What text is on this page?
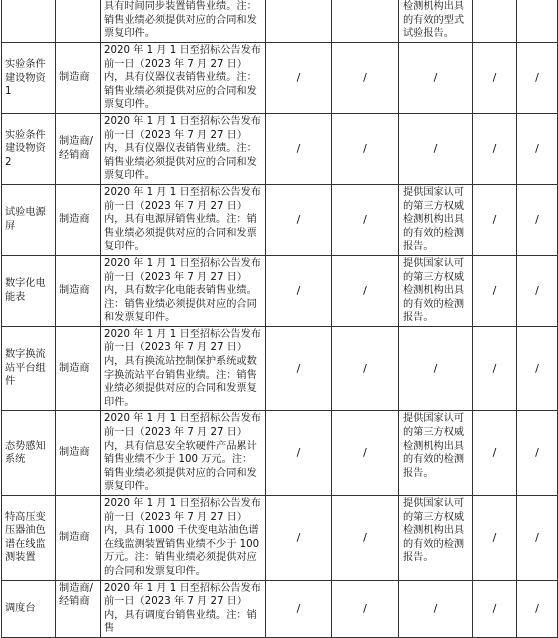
		具有时间同步装置销售业绩。注：销售业绩必须提供对应的合同和发票复印件。			检测机构出具的有效的型式试验报告。		
实验条件建设物资1	制造商	2020 年 1 月 1 日至招标公告发布前一日（2023 年 7 月 27 日）内，具有仪器仪表销售业绩。注：销售业绩必须提供对应的合同和发票复印件。	/	/	/	/	/
实验条件建设物资2	制造商/经销商	2020 年 1 月 1 日至招标公告发布前一日（2023 年 7 月 27 日）内，具有仪器仪表销售业绩。注：销售业绩必须提供对应的合同和发票复印件。	/	/	/	/	/
试验电源屏	制造商	2020 年 1 月 1 日至招标公告发布前一日（2023 年 7 月 27 日）内，具有电源屏销售业绩。注：销售业绩必须提供对应的合同和发票复印件。	/	/	提供国家认可的第三方权威检测机构出具的有效的检测报告。	/	/
数字化电能表	制造商	2020 年 1 月 1 日至招标公告发布前一日（2023 年 7 月 27 日）内，具有数字化电能表销售业绩。注：销售业绩必须提供对应的合同和发票复印件。	/	/	提供国家认可的第三方权威检测机构出具的有效的检测报告。	/	/
数字换流站平台组件	制造商	2020 年 1 月 1 日至招标公告发布前一日（2023 年 7 月 27 日）内，具有换流站控制保护系统或数字换流站平台销售业绩。注：销售业绩必须提供对应的合同和发票复印件。	/	/	/	/	/
态势感知系统	制造商	2020 年 1 月 1 日至招标公告发布前一日（2023 年 7 月 27 日）内，具有信息安全软硬件产品累计销售业绩不少于 100 万元。注：销售业绩必须提供对应的合同和发票复印件。	/	/	提供国家认可的第三方权威检测机构出具的有效的检测报告。	/	/
特高压变压器油色谱在线监测装置	制造商	2020 年 1 月 1 日至招标公告发布前一日（2023 年 7 月 27 日）内，具有 1000 千伏变电站油色谱在线监测装置销售业绩不少于 100 万元。注：销售业绩必须提供对应的合同和发票复印件。	/	/	提供国家认可的第三方权威检测机构出具的有效的检测报告。	/	/
调度台	制造商/经销商	2020 年 1 月 1 日至招标公告发布前一日（2023 年 7 月 27 日）内，具有调度台销售业绩。注：销售	/	/	/	/	/
